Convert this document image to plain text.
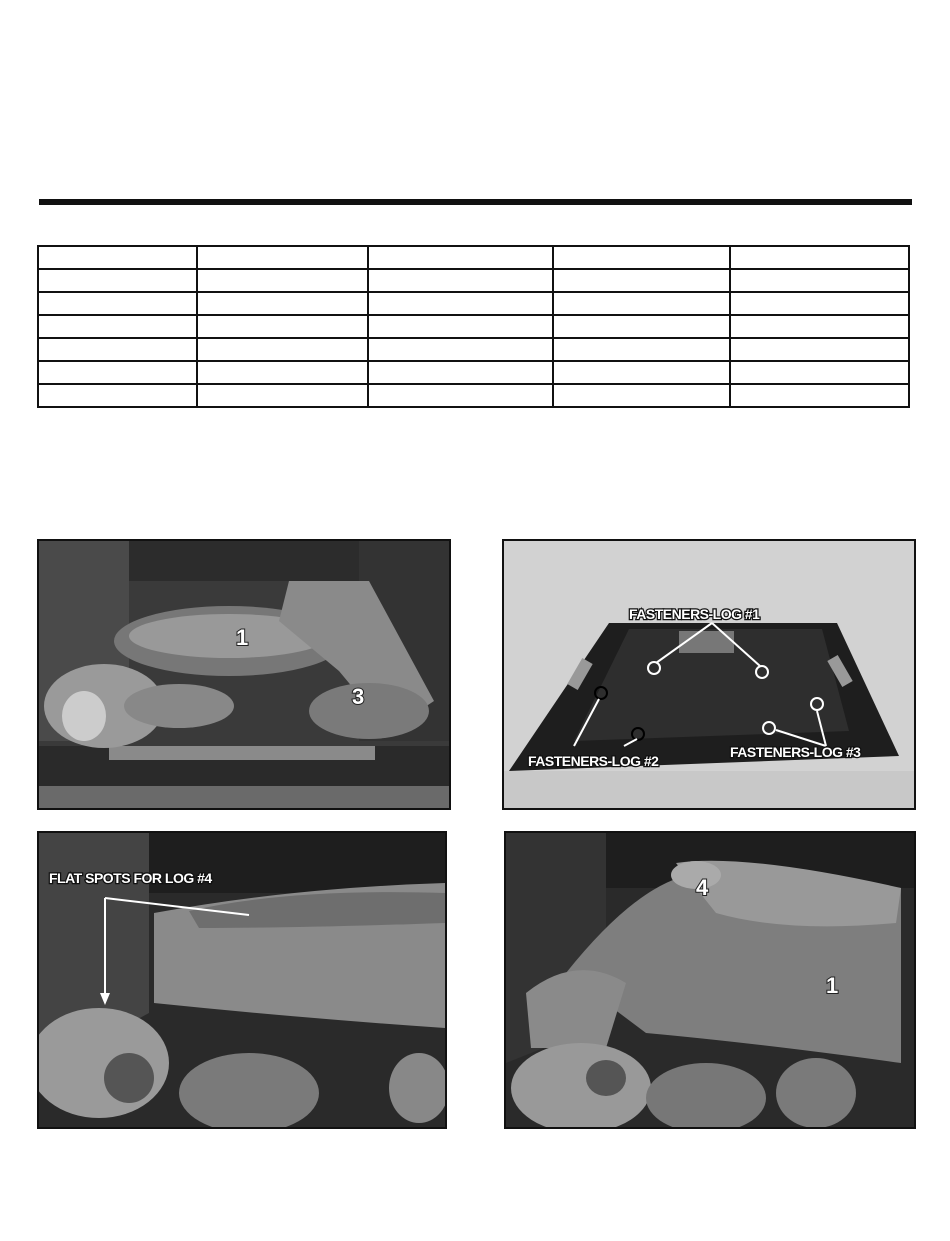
1
3
FASTENERS-LOG #1
FASTENERS-LOG #2
FASTENERS-LOG #3
FLAT SPOTS FOR LOG #4	4
1
